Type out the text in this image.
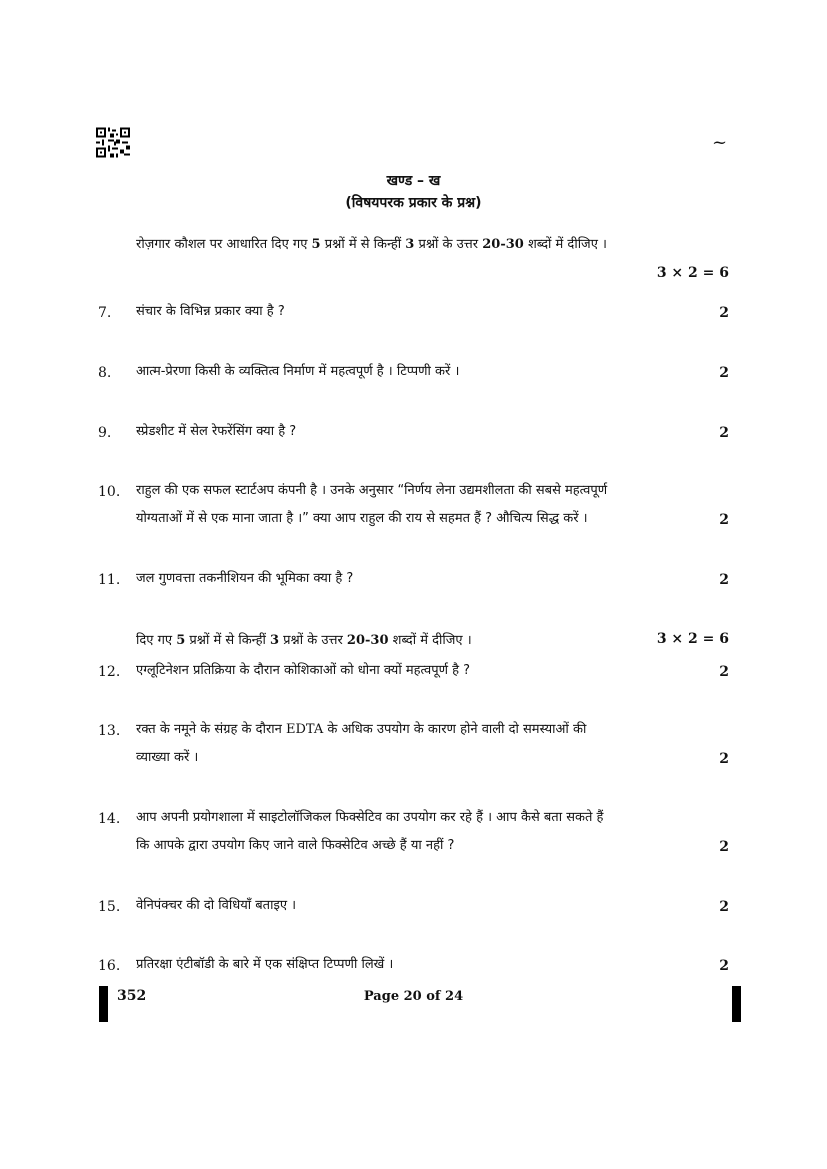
~
खण्ड – ख
(विषयपरक प्रकार के प्रश्न)
रोज़गार कौशल पर आधारित दिए गए 5 प्रश्नों में से किन्हीं 3 प्रश्नों के उत्तर 20-30 शब्दों में दीजिए ।
3 × 2 = 6
7.	संचार के विभिन्न प्रकार क्या है ?	2
8.	आत्म-प्रेरणा किसी के व्यक्तित्व निर्माण में महत्वपूर्ण है । टिप्पणी करें ।	2
9.	स्प्रेडशीट में सेल रेफरेंसिंग क्या है ?	2
10.	राहुल की एक सफल स्टार्टअप कंपनी है । उनके अनुसार “निर्णय लेना उद्यमशीलता की सबसे महत्वपूर्ण
योग्यताओं में से एक माना जाता है ।” क्या आप राहुल की राय से सहमत हैं ? औचित्य सिद्ध करें ।	2
11.	जल गुणवत्ता तकनीशियन की भूमिका क्या है ?	2
दिए गए 5 प्रश्नों में से किन्हीं 3 प्रश्नों के उत्तर 20-30 शब्दों में दीजिए ।	3 × 2 = 6
12.	एग्लूटिनेशन प्रतिक्रिया के दौरान कोशिकाओं को धोना क्यों महत्वपूर्ण है ?	2
13.	रक्त के नमूने के संग्रह के दौरान EDTA के अधिक उपयोग के कारण होने वाली दो समस्याओं की
व्याख्या करें ।	2
14.	आप अपनी प्रयोगशाला में साइटोलॉजिकल फिक्सेटिव का उपयोग कर रहे हैं । आप कैसे बता सकते हैं
कि आपके द्वारा उपयोग किए जाने वाले फिक्सेटिव अच्छे हैं या नहीं ?	2
15.	वेनिपंक्चर की दो विधियाँ बताइए ।	2
16.	प्रतिरक्षा एंटीबॉडी के बारे में एक संक्षिप्त टिप्पणी लिखें ।	2
352	Page 20 of 24
